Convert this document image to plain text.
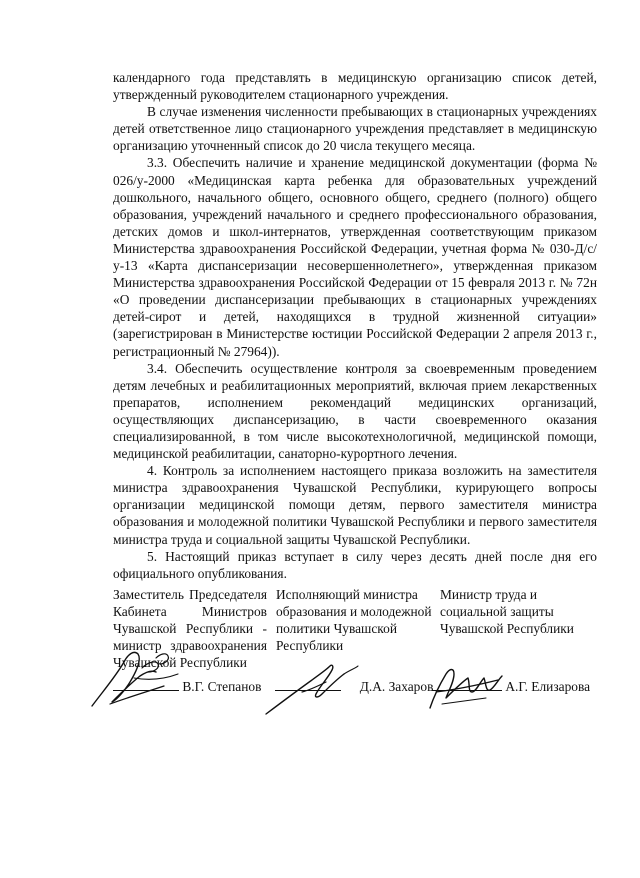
календарного года представлять в медицинскую организацию список детей, утвержденный руководителем стационарного учреждения.

В случае изменения численности пребывающих в стационарных учреждениях детей ответственное лицо стационарного учреждения представляет в медицинскую организацию уточненный список до 20 числа текущего месяца.

3.3. Обеспечить наличие и хранение медицинской документации (форма № 026/у-2000 «Медицинская карта ребенка для образовательных учреждений дошкольного, начального общего, основного общего, среднего (полного) общего образования, учреждений начального и среднего профессионального образования, детских домов и школ-интернатов, утвержденная соответствующим приказом Министерства здравоохранения Российской Федерации, учетная форма № 030-Д/с/у-13 «Карта диспансеризации несовершеннолетнего», утвержденная приказом Министерства здравоохранения Российской Федерации от 15 февраля 2013 г. № 72н «О проведении диспансеризации пребывающих в стационарных учреждениях детей-сирот и детей, находящихся в трудной жизненной ситуации» (зарегистрирован в Министерстве юстиции Российской Федерации 2 апреля 2013 г., регистрационный № 27964)).

3.4. Обеспечить осуществление контроля за своевременным проведением детям лечебных и реабилитационных мероприятий, включая прием лекарственных препаратов, исполнением рекомендаций медицинских организаций, осуществляющих диспансеризацию, в части своевременного оказания специализированной, в том числе высокотехнологичной, медицинской помощи, медицинской реабилитации, санаторно-курортного лечения.

4. Контроль за исполнением настоящего приказа возложить на заместителя министра здравоохранения Чувашской Республики, курирующего вопросы организации медицинской помощи детям, первого заместителя министра образования и молодежной политики Чувашской Республики и первого заместителя министра труда и социальной защиты Чувашской Республики.

5. Настоящий приказ вступает в силу через десять дней после дня его официального опубликования.

Заместитель Председателя Кабинета Министров Чувашской Республики - министр здравоохранения Чувашской Республики

Исполняющий министра образования и молодежной политики Чувашской Республики

Министр труда и социальной защиты Чувашской Республики

В.Г. Степанов	Д.А. Захаров	А.Г. Елизарова
